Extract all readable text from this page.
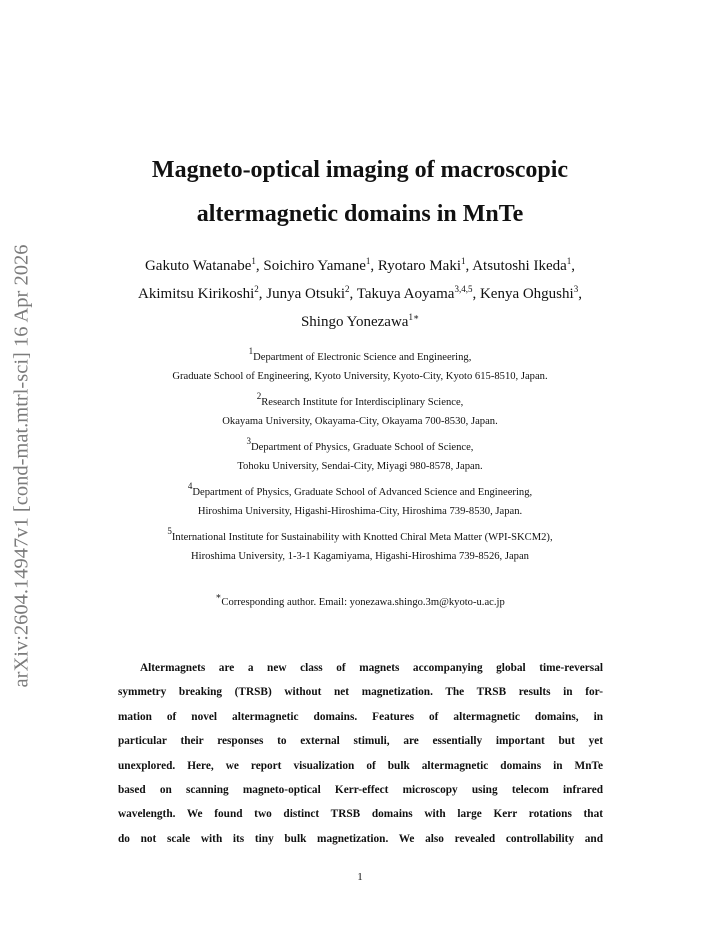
arXiv:2604.14947v1 [cond-mat.mtrl-sci] 16 Apr 2026
Magneto-optical imaging of macroscopic
altermagnetic domains in MnTe
Gakuto Watanabe$^1$, Soichiro Yamane$^1$, Ryotaro Maki$^1$, Atsutoshi Ikeda$^1$,
Akimitsu Kirikoshi$^2$, Junya Otsuki$^2$, Takuya Aoyama$^{3,4,5}$, Kenya Ohgushi$^3$,
Shingo Yonezawa$^{1∗}$
$^1$Department of Electronic Science and Engineering,
Graduate School of Engineering, Kyoto University, Kyoto-City, Kyoto 615-8510, Japan.
$^2$Research Institute for Interdisciplinary Science,
Okayama University, Okayama-City, Okayama 700-8530, Japan.
$^3$Department of Physics, Graduate School of Science,
Tohoku University, Sendai-City, Miyagi 980-8578, Japan.
$^4$Department of Physics, Graduate School of Advanced Science and Engineering,
Hiroshima University, Higashi-Hiroshima-City, Hiroshima 739-8530, Japan.
$^5$International Institute for Sustainability with Knotted Chiral Meta Matter (WPI-SKCM2),
Hiroshima University, 1-3-1 Kagamiyama, Higashi-Hiroshima 739-8526, Japan
∗Corresponding author. Email: yonezawa.shingo.3m@kyoto-u.ac.jp
Altermagnets are a new class of magnets accompanying global time-reversal
symmetry breaking (TRSB) without net magnetization. The TRSB results in for-
mation of novel altermagnetic domains. Features of altermagnetic domains, in
particular their responses to external stimuli, are essentially important but yet
unexplored. Here, we report visualization of bulk altermagnetic domains in MnTe
based on scanning magneto-optical Kerr-effect microscopy using telecom infrared
wavelength. We found two distinct TRSB domains with large Kerr rotations that
do not scale with its tiny bulk magnetization. We also revealed controllability and
1
